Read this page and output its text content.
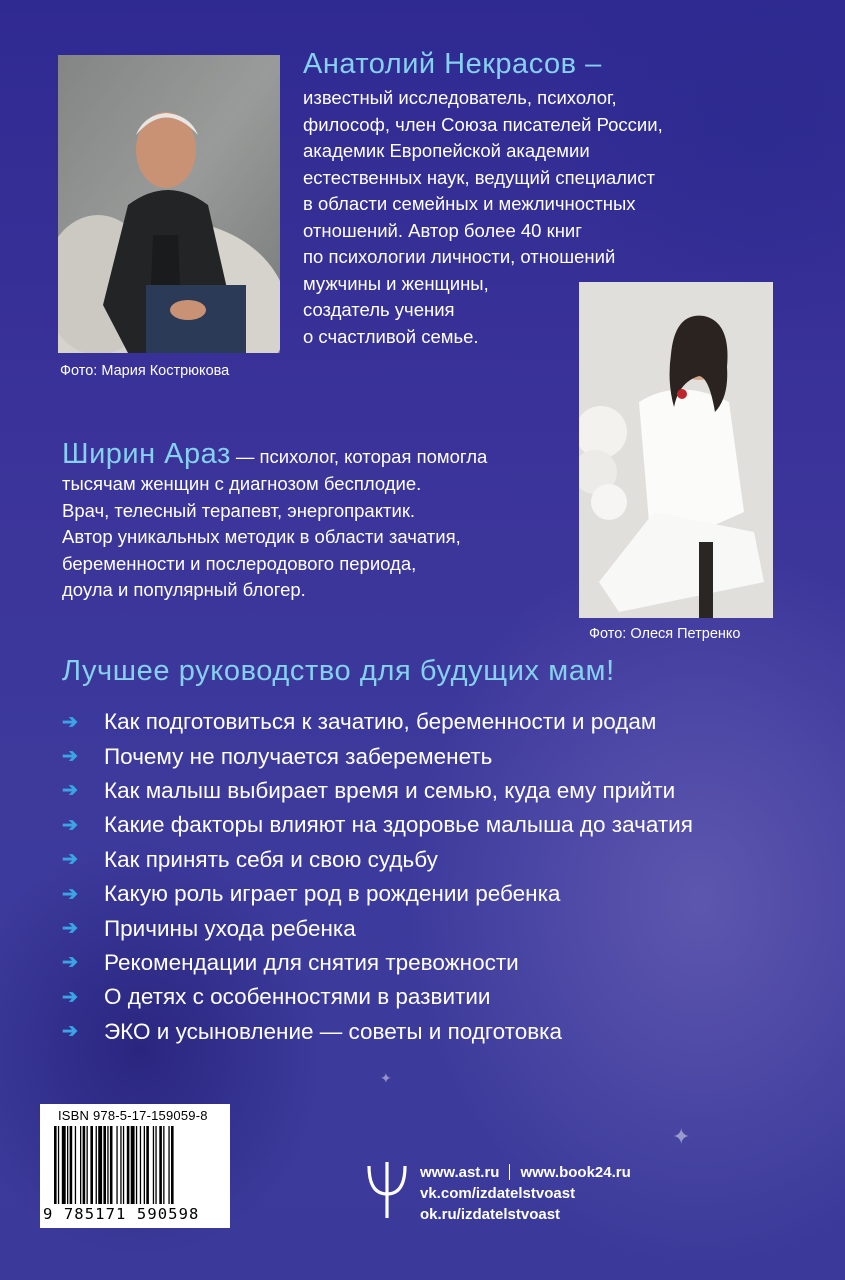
✦
✦
Фото: Мария Кострюкова
Анатолий Некрасов –
известный исследователь, психолог,
философ, член Союза писателей России,
академик Европейской академии
естественных наук, ведущий специалист
в области семейных и межличностных
отношений. Автор более 40 книг
по психологии личности, отношений
мужчины и женщины,
создатель учения
о счастливой семье.
Фото: Олеся Петренко
Ширин Араз — психолог, которая помогла
тысячам женщин с диагнозом бесплодие.
Врач, телесный терапевт, энергопрактик.
Автор уникальных методик в области зачатия,
беременности и послеродового периода,
доула и популярный блогер.
Лучшее руководство для будущих мам!
➔	Как подготовиться к зачатию, беременности и родам
➔	Почему не получается забеременеть
➔	Как малыш выбирает время и семью, куда ему прийти
➔	Какие факторы влияют на здоровье малыша до зачатия
➔	Как принять себя и свою судьбу
➔	Какую роль играет род в рождении ребенка
➔	Причины ухода ребенка
➔	Рекомендации для снятия тревожности
➔	О детях с особенностями в развитии
➔	ЭКО и усыновление — советы и подготовка
ISBN 978-5-17-159059-8
9 785171 590598
www.ast.ru www.book24.ru
vk.com/izdatelstvoast
ok.ru/izdatelstvoast
